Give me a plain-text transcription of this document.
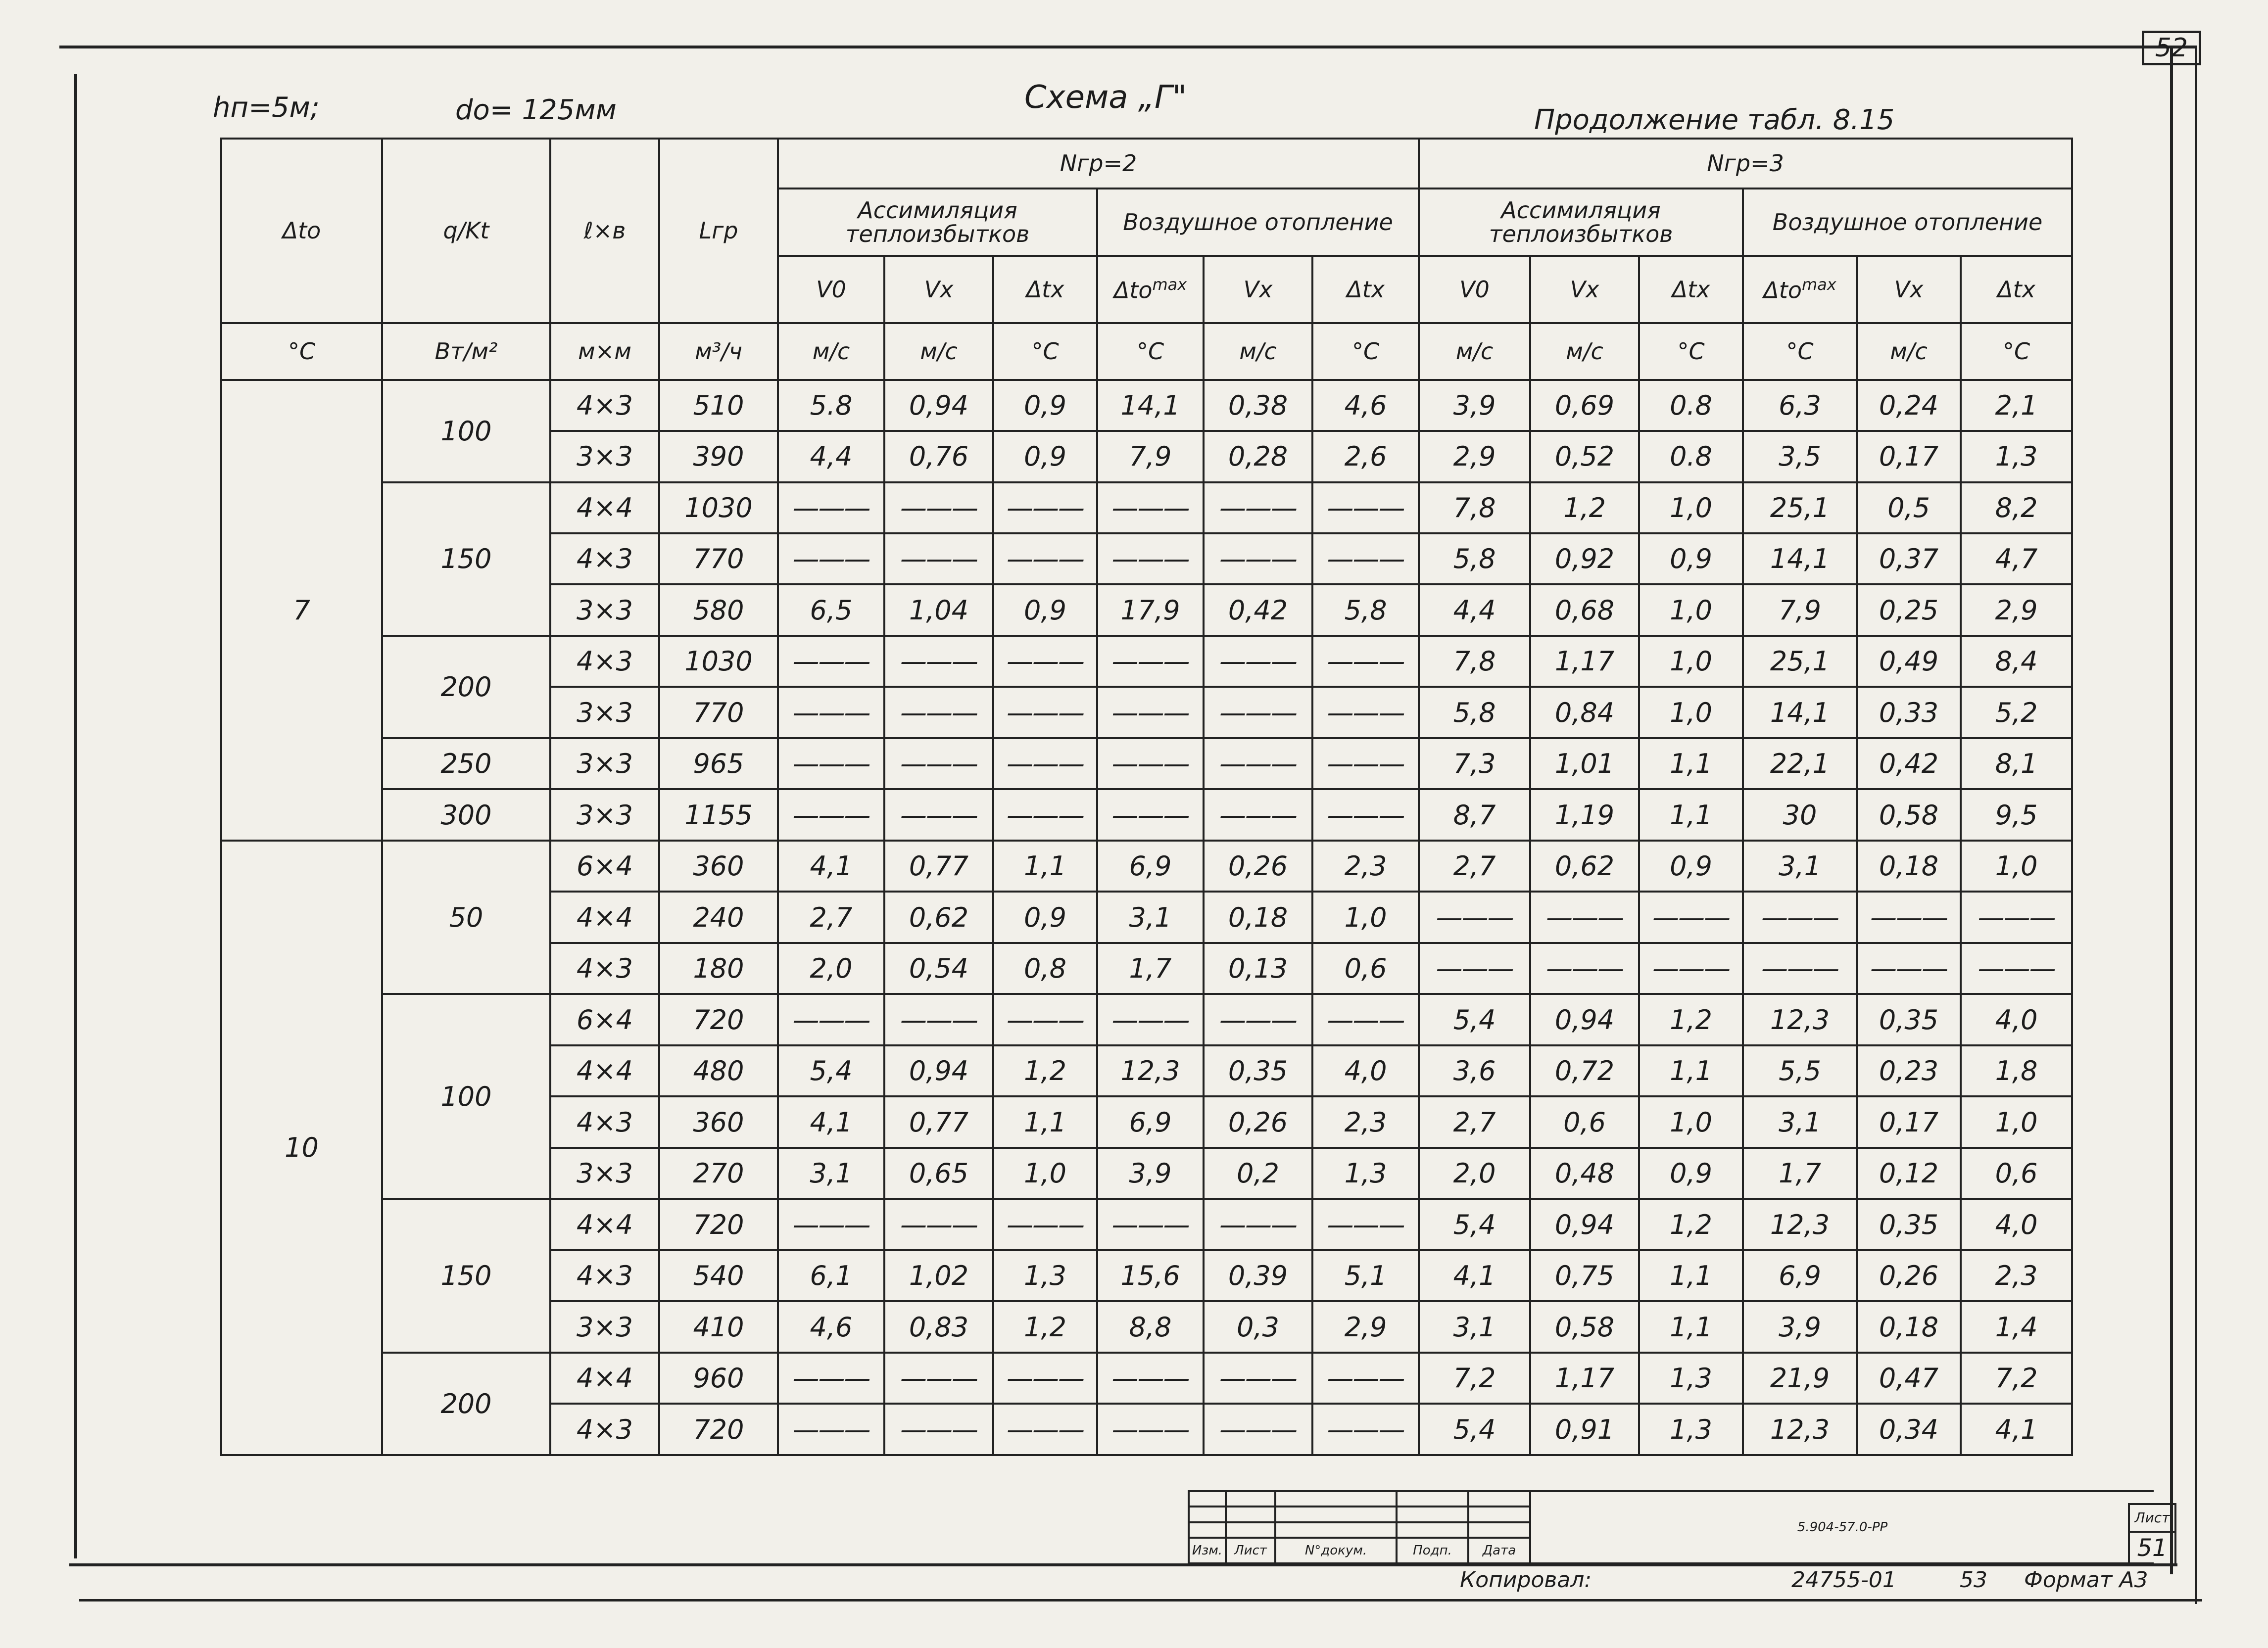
52
hп=5м;	dо= 125мм	Схема „Г"
Продолжение табл. 8.15
Δtо	q/Kt	ℓ×в	Lгр	Nгр=2						Nгр=3					
				Ассимиляция теплоизбытков			Воздушное отопление			Ассимиляция теплоизбытков			Воздушное отопление		
				V0	Vx	Δtx	Δto$^{max}$	Vx	Δtx	V0	Vx	Δtx	Δto$^{max}$	Vx	Δtx
°С	Вт/м²	м×м	м³/ч	м/с	м/с	°С	°С	м/с	°С	м/с	м/с	°С	°С	м/с	°С
7	100	4×3	510	5.8	0,94	0,9	14,1	0,38	4,6	3,9	0,69	0.8	6,3	0,24	2,1
		3×3	390	4,4	0,76	0,9	7,9	0,28	2,6	2,9	0,52	0.8	3,5	0,17	1,3
	150	4×4	1030	———	———	———	———	———	———	7,8	1,2	1,0	25,1	0,5	8,2
		4×3	770	———	———	———	———	———	———	5,8	0,92	0,9	14,1	0,37	4,7
		3×3	580	6,5	1,04	0,9	17,9	0,42	5,8	4,4	0,68	1,0	7,9	0,25	2,9
	200	4×3	1030	———	———	———	———	———	———	7,8	1,17	1,0	25,1	0,49	8,4
		3×3	770	———	———	———	———	———	———	5,8	0,84	1,0	14,1	0,33	5,2
	250	3×3	965	———	———	———	———	———	———	7,3	1,01	1,1	22,1	0,42	8,1
	300	3×3	1155	———	———	———	———	———	———	8,7	1,19	1,1	30	0,58	9,5
10	50	6×4	360	4,1	0,77	1,1	6,9	0,26	2,3	2,7	0,62	0,9	3,1	0,18	1,0
		4×4	240	2,7	0,62	0,9	3,1	0,18	1,0	———	———	———	———	———	———
		4×3	180	2,0	0,54	0,8	1,7	0,13	0,6	———	———	———	———	———	———
	100	6×4	720	———	———	———	———	———	———	5,4	0,94	1,2	12,3	0,35	4,0
		4×4	480	5,4	0,94	1,2	12,3	0,35	4,0	3,6	0,72	1,1	5,5	0,23	1,8
		4×3	360	4,1	0,77	1,1	6,9	0,26	2,3	2,7	0,6	1,0	3,1	0,17	1,0
		3×3	270	3,1	0,65	1,0	3,9	0,2	1,3	2,0	0,48	0,9	1,7	0,12	0,6
	150	4×4	720	———	———	———	———	———	———	5,4	0,94	1,2	12,3	0,35	4,0
		4×3	540	6,1	1,02	1,3	15,6	0,39	5,1	4,1	0,75	1,1	6,9	0,26	2,3
		3×3	410	4,6	0,83	1,2	8,8	0,3	2,9	3,1	0,58	1,1	3,9	0,18	1,4
	200	4×4	960	———	———	———	———	———	———	7,2	1,17	1,3	21,9	0,47	7,2
		4×3	720	———	———	———	———	———	———	5,4	0,91	1,3	12,3	0,34	4,1
					5.904-57.0-РР

Изм.	Лист	N°докум.	Подп.	Дата	
Лист
51
Копировал:	24755-01	53 Формат А3
